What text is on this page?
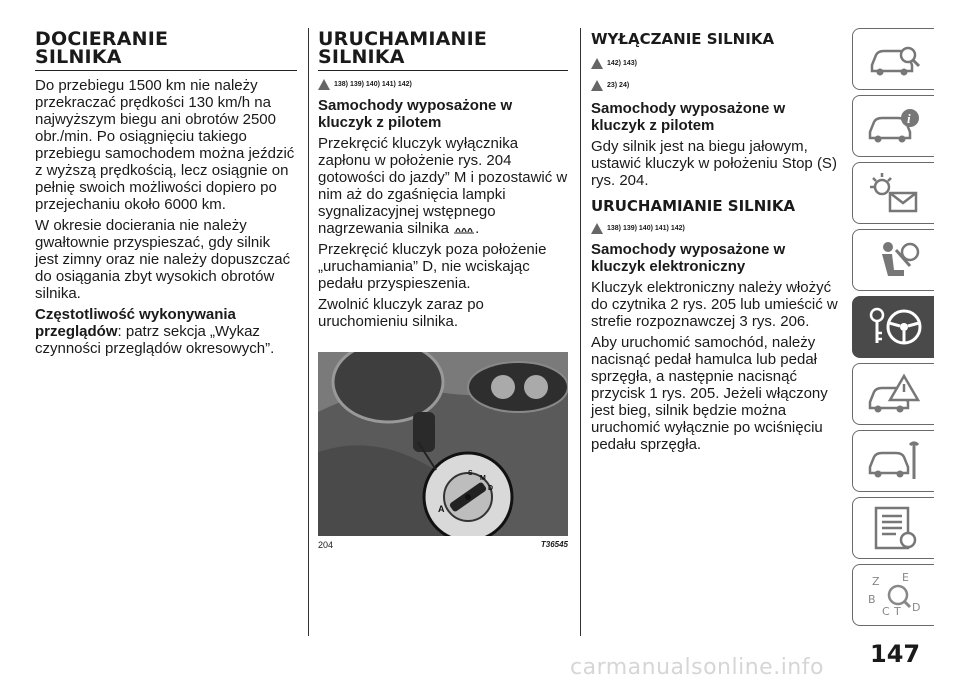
DOCIERANIE
SILNIKA

Do przebiegu 1500 km nie należy przekraczać prędkości 130 km/h na najwyższym biegu ani obrotów 2500 obr./min. Po osiągnięciu takiego przebiegu samochodem można jeździć z wyższą prędkością, lecz osiągnie on pełnię swoich możliwości dopiero po przejechaniu około 6000 km.

W okresie docierania nie należy gwałtownie przyspieszać, gdy silnik jest zimny oraz nie należy dopuszczać do osiągania zbyt wysokich obrotów silnika.

Częstotliwość wykonywania przeglądów: patrz sekcja „Wykaz czynności przeglądów okresowych”.

URUCHAMIANIE
SILNIKA
138) 139) 140) 141) 142)

Samochody wyposażone w kluczyk z pilotem

Przekręcić kluczyk wyłącznika zapłonu w położenie rys. 204 gotowości do jazdy” M i pozostawić w nim aż do zgaśnięcia lampki sygnalizacyjnej wstępnego nagrzewania silnika .

Przekręcić kluczyk poza położenie „uruchamiania” D, nie wciskając pedału przyspieszenia.

Zwolnić kluczyk zaraz po uruchomieniu silnika.

A
S
M
D
204	T36545
WYŁĄCZANIE SILNIKA
142) 143)
23) 24)

Samochody wyposażone w kluczyk z pilotem

Gdy silnik jest na biegu jałowym, ustawić kluczyk w położeniu Stop (S) rys. 204.

URUCHAMIANIE SILNIKA
138) 139) 140) 141) 142)

Samochody wyposażone w kluczyk elektroniczny

Kluczyk elektroniczny należy włożyć do czytnika 2 rys. 205 lub umieścić w strefie rozpoznawczej 3 rys. 206.

Aby uruchomić samochód, należy nacisnąć pedał hamulca lub pedał sprzęgła, a następnie nacisnąć przycisk 1 rys. 205. Jeżeli włączony jest bieg, silnik będzie można uruchomić wyłącznie po wciśnięciu pedału sprzęgła.

i
Z E
B
C T D
carmanualsonline.info 147
